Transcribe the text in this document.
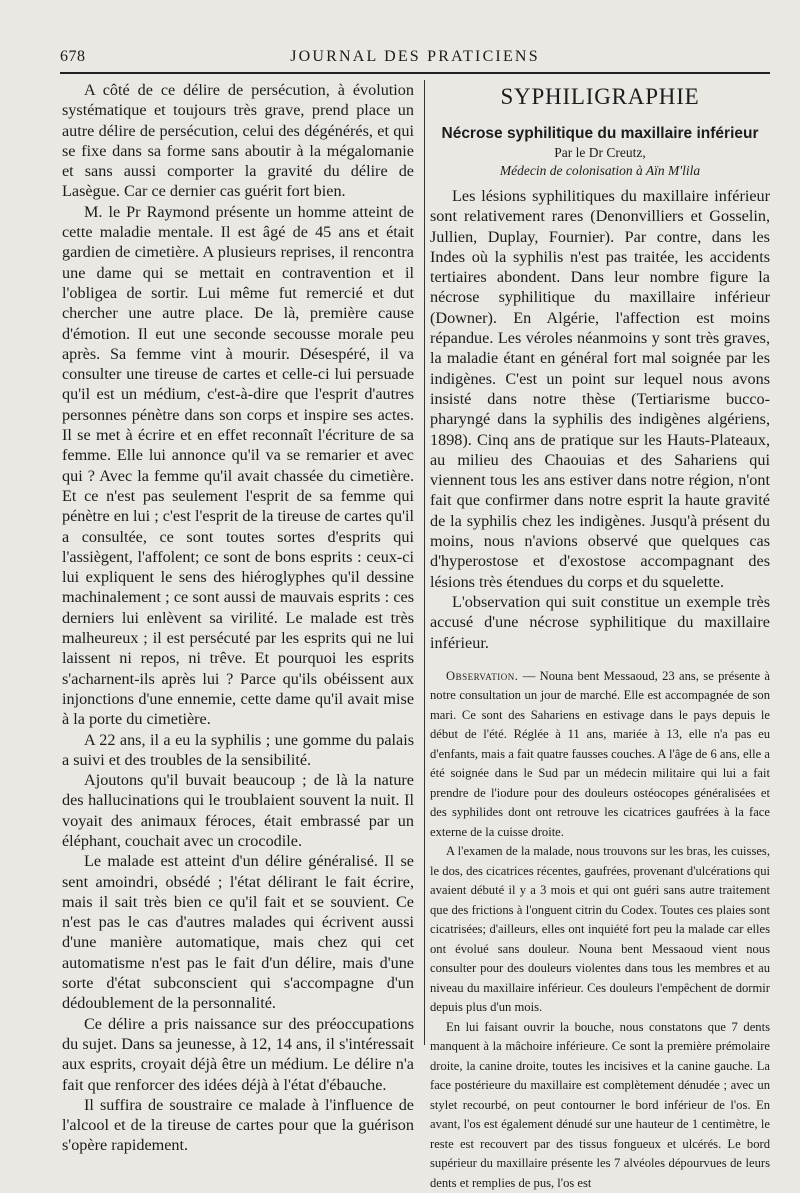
678	JOURNAL DES PRATICIENS

A côté de ce délire de persécution, à évolution systématique et toujours très grave, prend place un autre délire de persécution, celui des dégénérés, et qui se fixe dans sa forme sans aboutir à la mégalomanie et sans aussi comporter la gravité du délire de Lasègue. Car ce dernier cas guérit fort bien.

M. le Pr Raymond présente un homme atteint de cette maladie mentale. Il est âgé de 45 ans et était gardien de cimetière. A plusieurs reprises, il rencontra une dame qui se mettait en contravention et il l'obligea de sortir. Lui même fut remercié et dut chercher une autre place. De là, première cause d'émotion. Il eut une seconde secousse morale peu après. Sa femme vint à mourir. Désespéré, il va consulter une tireuse de cartes et celle-ci lui persuade qu'il est un médium, c'est-à-dire que l'esprit d'autres personnes pénètre dans son corps et inspire ses actes. Il se met à écrire et en effet reconnaît l'écriture de sa femme. Elle lui annonce qu'il va se remarier et avec qui ? Avec la femme qu'il avait chassée du cimetière. Et ce n'est pas seulement l'esprit de sa femme qui pénètre en lui ; c'est l'esprit de la tireuse de cartes qu'il a consultée, ce sont toutes sortes d'esprits qui l'assiègent, l'affolent; ce sont de bons esprits : ceux-ci lui expliquent le sens des hiéroglyphes qu'il dessine machinalement ; ce sont aussi de mauvais esprits : ces derniers lui enlèvent sa virilité. Le malade est très malheureux ; il est persécuté par les esprits qui ne lui laissent ni repos, ni trêve. Et pourquoi les esprits s'acharnent-ils après lui ? Parce qu'ils obéissent aux injonctions d'une ennemie, cette dame qu'il avait mise à la porte du cimetière.

A 22 ans, il a eu la syphilis ; une gomme du palais a suivi et des troubles de la sensibilité.

Ajoutons qu'il buvait beaucoup ; de là la nature des hallucinations qui le troublaient souvent la nuit. Il voyait des animaux féroces, était embrassé par un éléphant, couchait avec un crocodile.

Le malade est atteint d'un délire généralisé. Il se sent amoindri, obsédé ; l'état délirant le fait écrire, mais il sait très bien ce qu'il fait et se souvient. Ce n'est pas le cas d'autres malades qui écrivent aussi d'une manière automatique, mais chez qui cet automatisme n'est pas le fait d'un délire, mais d'une sorte d'état subconscient qui s'accompagne d'un dédoublement de la personnalité.

Ce délire a pris naissance sur des préoccupations du sujet. Dans sa jeunesse, à 12, 14 ans, il s'intéressait aux esprits, croyait déjà être un médium. Le délire n'a fait que renforcer des idées déjà à l'état d'ébauche.

Il suffira de soustraire ce malade à l'influence de l'alcool et de la tireuse de cartes pour que la guérison s'opère rapidement.

SYPHILIGRAPHIE
Nécrose syphilitique du maxillaire inférieur
Par le Dr Creutz,
Médecin de colonisation à Aïn M'lila

Les lésions syphilitiques du maxillaire inférieur sont relativement rares (Denonvilliers et Gosselin, Jullien, Duplay, Fournier). Par contre, dans les Indes où la syphilis n'est pas traitée, les accidents tertiaires abondent. Dans leur nombre figure la nécrose syphilitique du maxillaire inférieur (Downer). En Algérie, l'affection est moins répandue. Les véroles néanmoins y sont très graves, la maladie étant en général fort mal soignée par les indigènes. C'est un point sur lequel nous avons insisté dans notre thèse (Tertiarisme bucco-pharyngé dans la syphilis des indigènes algériens, 1898). Cinq ans de pratique sur les Hauts-Plateaux, au milieu des Chaouias et des Sahariens qui viennent tous les ans estiver dans notre région, n'ont fait que confirmer dans notre esprit la haute gravité de la syphilis chez les indigènes. Jusqu'à présent du moins, nous n'avions observé que quelques cas d'hyperostose et d'exostose accompagnant des lésions très étendues du corps et du squelette.

L'observation qui suit constitue un exemple très accusé d'une nécrose syphilitique du maxillaire inférieur.

Observation. — Nouna bent Messaoud, 23 ans, se présente à notre consultation un jour de marché. Elle est accompagnée de son mari. Ce sont des Sahariens en estivage dans le pays depuis le début de l'été. Réglée à 11 ans, mariée à 13, elle n'a pas eu d'enfants, mais a fait quatre fausses couches. A l'âge de 6 ans, elle a été soignée dans le Sud par un médecin militaire qui lui a fait prendre de l'iodure pour des douleurs ostéocopes généralisées et des syphilides dont ont retrouve les cicatrices gaufrées à la face externe de la cuisse droite.

A l'examen de la malade, nous trouvons sur les bras, les cuisses, le dos, des cicatrices récentes, gaufrées, provenant d'ulcérations qui avaient débuté il y a 3 mois et qui ont guéri sans autre traitement que des frictions à l'onguent citrin du Codex. Toutes ces plaies sont cicatrisées; d'ailleurs, elles ont inquiété fort peu la malade car elles ont évolué sans douleur. Nouna bent Messaoud vient nous consulter pour des douleurs violentes dans tous les membres et au niveau du maxillaire inférieur. Ces douleurs l'empêchent de dormir depuis plus d'un mois.

En lui faisant ouvrir la bouche, nous constatons que 7 dents manquent à la mâchoire inférieure. Ce sont la première prémolaire droite, la canine droite, toutes les incisives et la canine gauche. La face postérieure du maxillaire est complètement dénudée ; avec un stylet recourbé, on peut contourner le bord inférieur de l'os. En avant, l'os est également dénudé sur une hauteur de 1 centimètre, le reste est recouvert par des tissus fongueux et ulcérés. Le bord supérieur du maxillaire présente les 7 alvéoles dépourvues de leurs dents et remplies de pus, l'os est
